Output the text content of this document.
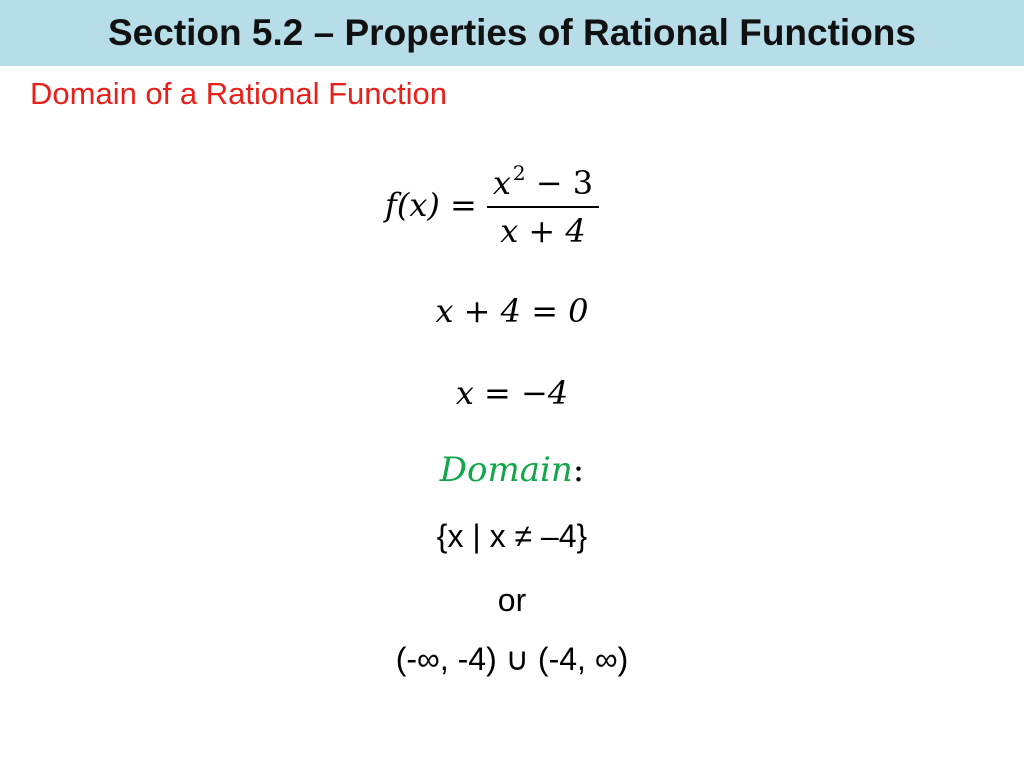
Section 5.2 – Properties of Rational Functions
Domain of a Rational Function
$f(x) = \frac{x ^2 - 3}{x + 4}$
x + 4 = 0
x = −4
Domain:
{x | x ≠ –4}
or
(-∞, -4) ∪ (-4, ∞)
